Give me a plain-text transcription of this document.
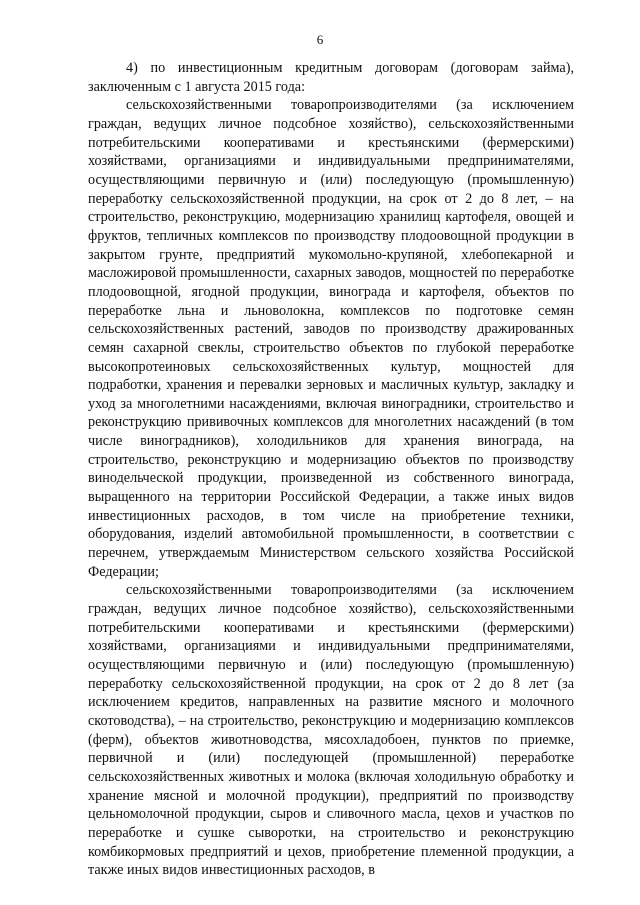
6

4) по инвестиционным кредитным договорам (договорам займа), заключенным с 1 августа 2015 года:

сельскохозяйственными товаропроизводителями (за исключением граждан, ведущих личное подсобное хозяйство), сельскохозяйственными потребительскими кооперативами и крестьянскими (фермерскими) хозяйствами, организациями и индивидуальными предпринимателями, осуществляющими первичную и (или) последующую (промышленную) переработку сельскохозяйственной продукции, на срок от 2 до 8 лет, – на строительство, реконструкцию, модернизацию хранилищ картофеля, овощей и фруктов, тепличных комплексов по производству плодоовощной продукции в закрытом грунте, предприятий мукомольно-крупяной, хлебопекарной и масложировой промышленности, сахарных заводов, мощностей по переработке плодоовощной, ягодной продукции, винограда и картофеля, объектов по переработке льна и льноволокна, комплексов по подготовке семян сельскохозяйственных растений, заводов по производству дражированных семян сахарной свеклы, строительство объектов по глубокой переработке высокопротеиновых сельскохозяйственных культур, мощностей для подработки, хранения и перевалки зерновых и масличных культур, закладку и уход за многолетними насаждениями, включая виноградники, строительство и реконструкцию прививочных комплексов для многолетних насаждений (в том числе виноградников), холодильников для хранения винограда, на строительство, реконструкцию и модернизацию объектов по производству винодельческой продукции, произведенной из собственного винограда, выращенного на территории Российской Федерации, а также иных видов инвестиционных расходов, в том числе на приобретение техники, оборудования, изделий автомобильной промышленности, в соответствии с перечнем, утверждаемым Министерством сельского хозяйства Российской Федерации;

сельскохозяйственными товаропроизводителями (за исключением граждан, ведущих личное подсобное хозяйство), сельскохозяйственными потребительскими кооперативами и крестьянскими (фермерскими) хозяйствами, организациями и индивидуальными предпринимателями, осуществляющими первичную и (или) последующую (промышленную) переработку сельскохозяйственной продукции, на срок от 2 до 8 лет (за исключением кредитов, направленных на развитие мясного и молочного скотоводства), – на строительство, реконструкцию и модернизацию комплексов (ферм), объектов животноводства, мясохладобоен, пунктов по приемке, первичной и (или) последующей (промышленной) переработке сельскохозяйственных животных и молока (включая холодильную обработку и хранение мясной и молочной продукции), предприятий по производству цельномолочной продукции, сыров и сливочного масла, цехов и участков по переработке и сушке сыворотки, на строительство и реконструкцию комбикормовых предприятий и цехов, приобретение племенной продукции, а также иных видов инвестиционных расходов, в
